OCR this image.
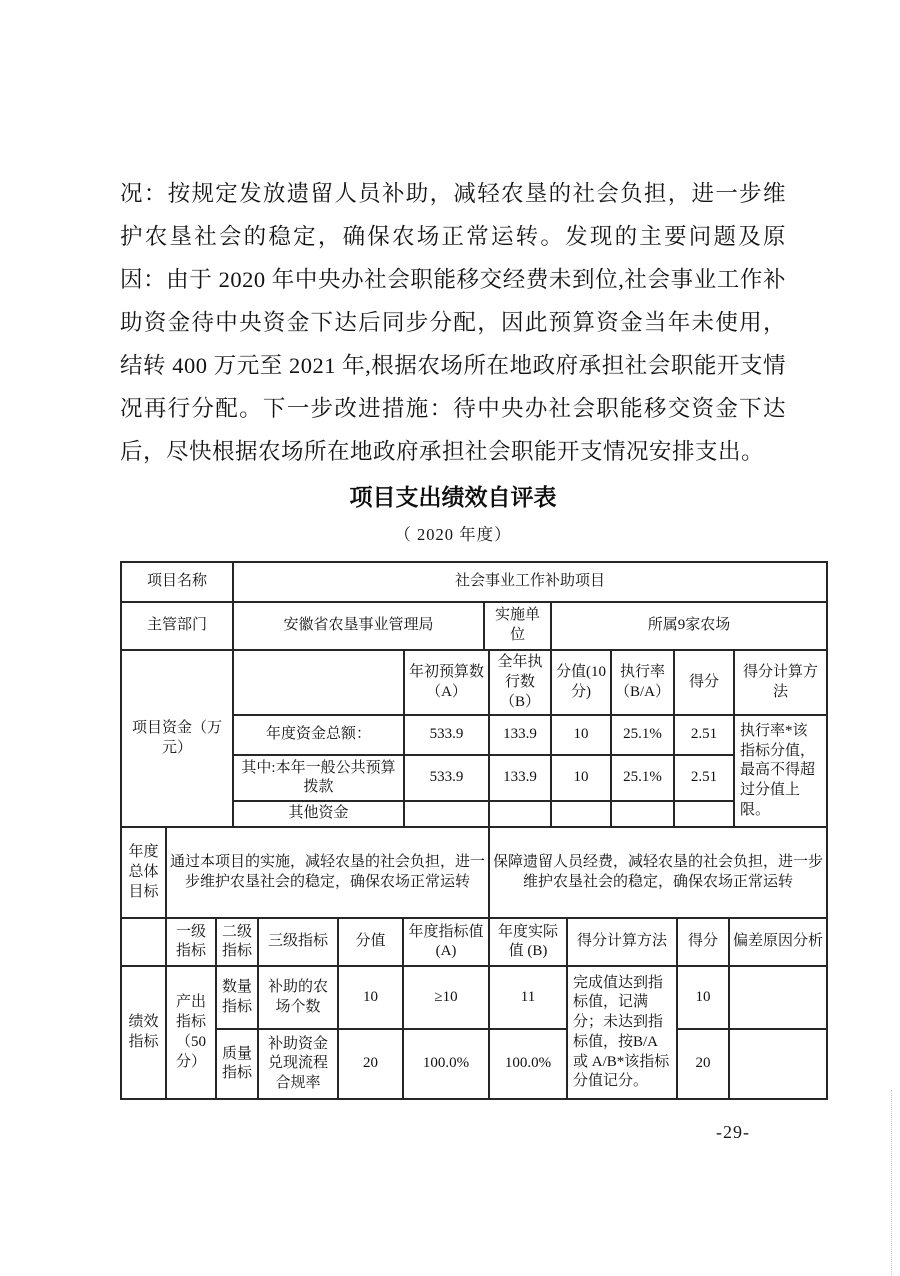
况：按规定发放遗留人员补助，减轻农垦的社会负担，进一步维护农垦社会的稳定，确保农场正常运转。发现的主要问题及原因：由于 2020 年中央办社会职能移交经费未到位,社会事业工作补助资金待中央资金下达后同步分配，因此预算资金当年未使用，结转 400 万元至 2021 年,根据农场所在地政府承担社会职能开支情况再行分配。下一步改进措施：待中央办社会职能移交资金下达后，尽快根据农场所在地政府承担社会职能开支情况安排支出。
项目支出绩效自评表
（ 2020 年度）
项目名称	社会事业工作补助项目		
主管部门	安徽省农垦事业管理局	实施单位	所属9家农场
项目资金（万元）		年初预算数（A）	全年执行数（B）	分值(10分)	执行率（B/A）	得分	得分计算方法
	年度资金总额：	533.9	133.9	10	25.1%	2.51	执行率*该指标分值，最高不得超过分值上限。
	其中:本年一般公共预算拨款	533.9	133.9	10	25.1%	2.51	
	其他资金						
年度总体目标	通过本项目的实施，减轻农垦的社会负担，进一步维护农垦社会的稳定，确保农场正常运转	保障遗留人员经费，减轻农垦的社会负担，进一步维护农垦社会的稳定，确保农场正常运转
	一级指标	二级指标	三级指标	分值	年度指标值(A)	年度实际值 (B)	得分计算方法	得分	偏差原因分析
绩效指标	产出指标（50分）	数量指标	补助的农场个数	10	≥10	11	完成值达到指标值，记满分；未达到指标值，按B/A 或 A/B*该指标分值记分。	10	
		质量指标	补助资金兑现流程合规率	20	100.0%	100.0%		20	
-29-
